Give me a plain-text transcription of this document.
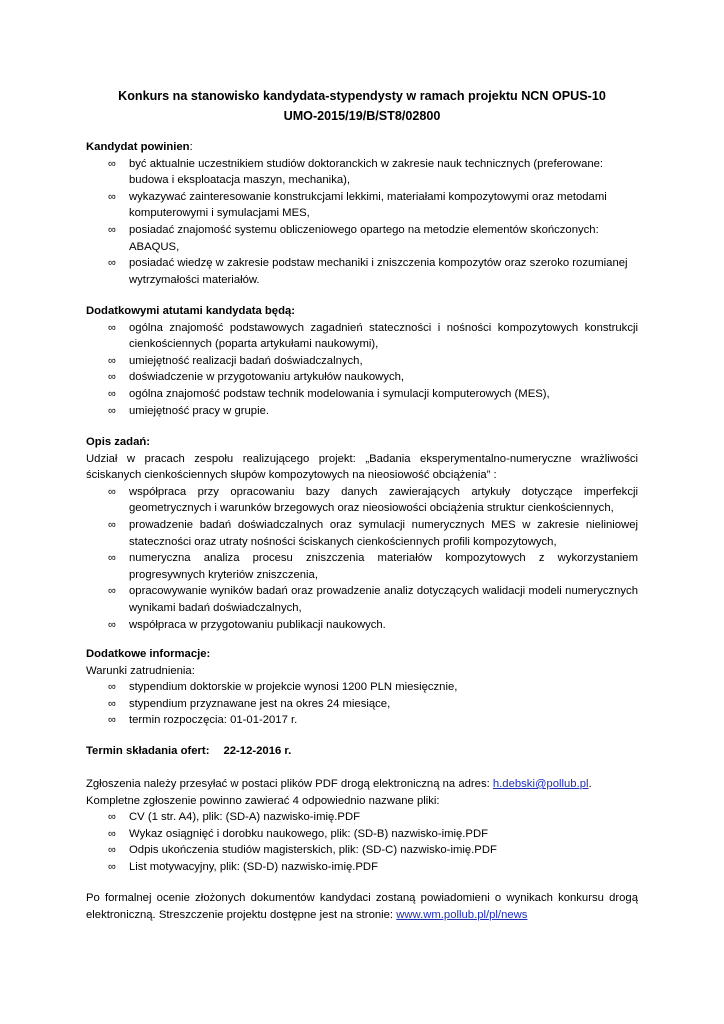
Konkurs na stanowisko kandydata-stypendysty w ramach projektu NCN OPUS-10
UMO-2015/19/B/ST8/02800
Kandydat powinien:
∞ być aktualnie uczestnikiem studiów doktoranckich w zakresie nauk technicznych (preferowane: budowa i eksploatacja maszyn, mechanika),
∞ wykazywać zainteresowanie konstrukcjami lekkimi, materiałami kompozytowymi oraz metodami komputerowymi i symulacjami MES,
∞ posiadać znajomość systemu obliczeniowego opartego na metodzie elementów skończonych: ABAQUS,
∞ posiadać wiedzę w zakresie podstaw mechaniki i zniszczenia kompozytów oraz szeroko rozumianej wytrzymałości materiałów.
Dodatkowymi atutami kandydata będą:
∞ ogólna znajomość podstawowych zagadnień stateczności i nośności kompozytowych konstrukcji cienkościennych (poparta artykułami naukowymi),
∞ umiejętność realizacji badań doświadczalnych,
∞ doświadczenie w przygotowaniu artykułów naukowych,
∞ ogólna znajomość podstaw technik modelowania i symulacji komputerowych (MES),
∞ umiejętność pracy w grupie.
Opis zadań:
Udział w pracach zespołu realizującego projekt: „Badania eksperymentalno-numeryczne wrażliwości ściskanych cienkościennych słupów kompozytowych na nieosiowość obciążenia” :
∞ współpraca przy opracowaniu bazy danych zawierających artykuły dotyczące imperfekcji geometrycznych i warunków brzegowych oraz nieosiowości obciążenia struktur cienkościennych,
∞ prowadzenie badań doświadczalnych oraz symulacji numerycznych MES w zakresie nieliniowej stateczności oraz utraty nośności ściskanych cienkościennych profili kompozytowych,
∞ numeryczna analiza procesu zniszczenia materiałów kompozytowych z wykorzystaniem progresywnych kryteriów zniszczenia,
∞ opracowywanie wyników badań oraz prowadzenie analiz dotyczących walidacji modeli numerycznych wynikami badań doświadczalnych,
∞ współpraca w przygotowaniu publikacji naukowych.
Dodatkowe informacje:
Warunki zatrudnienia:
∞ stypendium doktorskie w projekcie wynosi 1200 PLN miesięcznie,
∞ stypendium przyznawane jest na okres 24 miesiące,
∞ termin rozpoczęcia: 01-01-2017 r.
Termin składania ofert: 22-12-2016 r.
Zgłoszenia należy przesyłać w postaci plików PDF drogą elektroniczną na adres: h.debski@pollub.pl.
Kompletne zgłoszenie powinno zawierać 4 odpowiednio nazwane pliki:
∞ CV (1 str. A4), plik: (SD-A) nazwisko-imię.PDF
∞ Wykaz osiągnięć i dorobku naukowego, plik: (SD-B) nazwisko-imię.PDF
∞ Odpis ukończenia studiów magisterskich, plik: (SD-C) nazwisko-imię.PDF
∞ List motywacyjny, plik: (SD-D) nazwisko-imię.PDF
Po formalnej ocenie złożonych dokumentów kandydaci zostaną powiadomieni o wynikach konkursu drogą elektroniczną. Streszczenie projektu dostępne jest na stronie: www.wm.pollub.pl/pl/news
